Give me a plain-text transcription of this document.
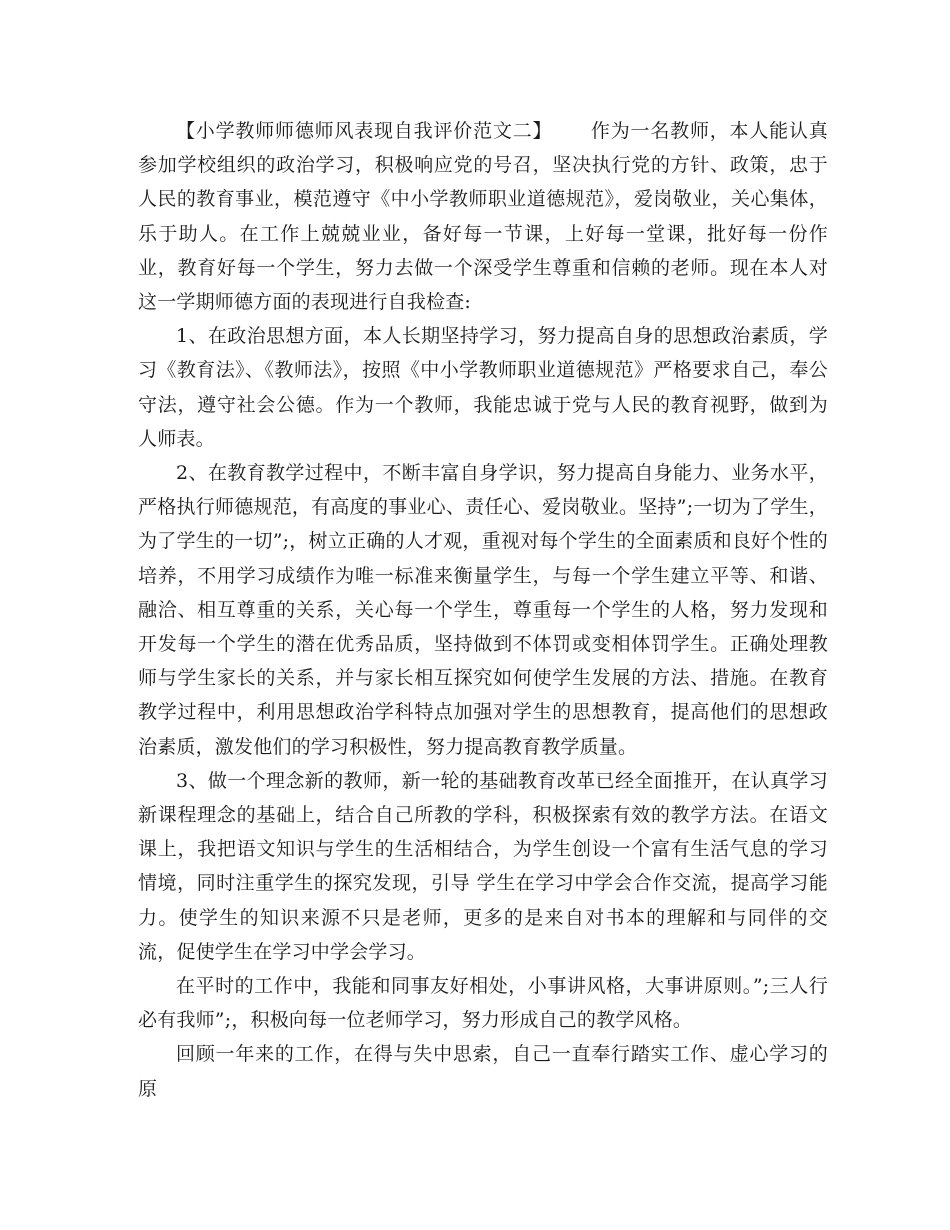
【小学教师师德师风表现自我评价范文二】 作为一名教师，本人能认真参加学校组织的政治学习，积极响应党的号召，坚决执行党的方针、政策，忠于人民的教育事业，模范遵守《中小学教师职业道德规范》，爱岗敬业，关心集体，乐于助人。在工作上兢兢业业，备好每一节课，上好每一堂课，批好每一份作业，教育好每一个学生，努力去做一个深受学生尊重和信赖的老师。现在本人对这一学期师德方面的表现进行自我检查:

1、在政治思想方面，本人长期坚持学习，努力提高自身的思想政治素质，学习《教育法》、《教师法》，按照《中小学教师职业道德规范》严格要求自己，奉公守法，遵守社会公德。作为一个教师，我能忠诚于党与人民的教育视野，做到为人师表。

2、在教育教学过程中，不断丰富自身学识，努力提高自身能力、业务水平，严格执行师德规范，有高度的事业心、责任心、爱岗敬业。坚持”;一切为了学生，为了学生的一切”;，树立正确的人才观，重视对每个学生的全面素质和良好个性的培养，不用学习成绩作为唯一标准来衡量学生，与每一个学生建立平等、和谐、融洽、相互尊重的关系，关心每一个学生，尊重每一个学生的人格，努力发现和开发每一个学生的潜在优秀品质，坚持做到不体罚或变相体罚学生。正确处理教师与学生家长的关系，并与家长相互探究如何使学生发展的方法、措施。在教育教学过程中，利用思想政治学科特点加强对学生的思想教育，提高他们的思想政治素质，激发他们的学习积极性，努力提高教育教学质量。

3、做一个理念新的教师，新一轮的基础教育改革已经全面推开，在认真学习新课程理念的基础上，结合自己所教的学科，积极探索有效的教学方法。在语文课上，我把语文知识与学生的生活相结合，为学生创设一个富有生活气息的学习情境，同时注重学生的探究发现，引导 学生在学习中学会合作交流，提高学习能力。使学生的知识来源不只是老师，更多的是来自对书本的理解和与同伴的交流，促使学生在学习中学会学习。

在平时的工作中，我能和同事友好相处，小事讲风格，大事讲原则。”;三人行必有我师”;，积极向每一位老师学习，努力形成自己的教学风格。

回顾一年来的工作，在得与失中思索，自己一直奉行踏实工作、虚心学习的原
